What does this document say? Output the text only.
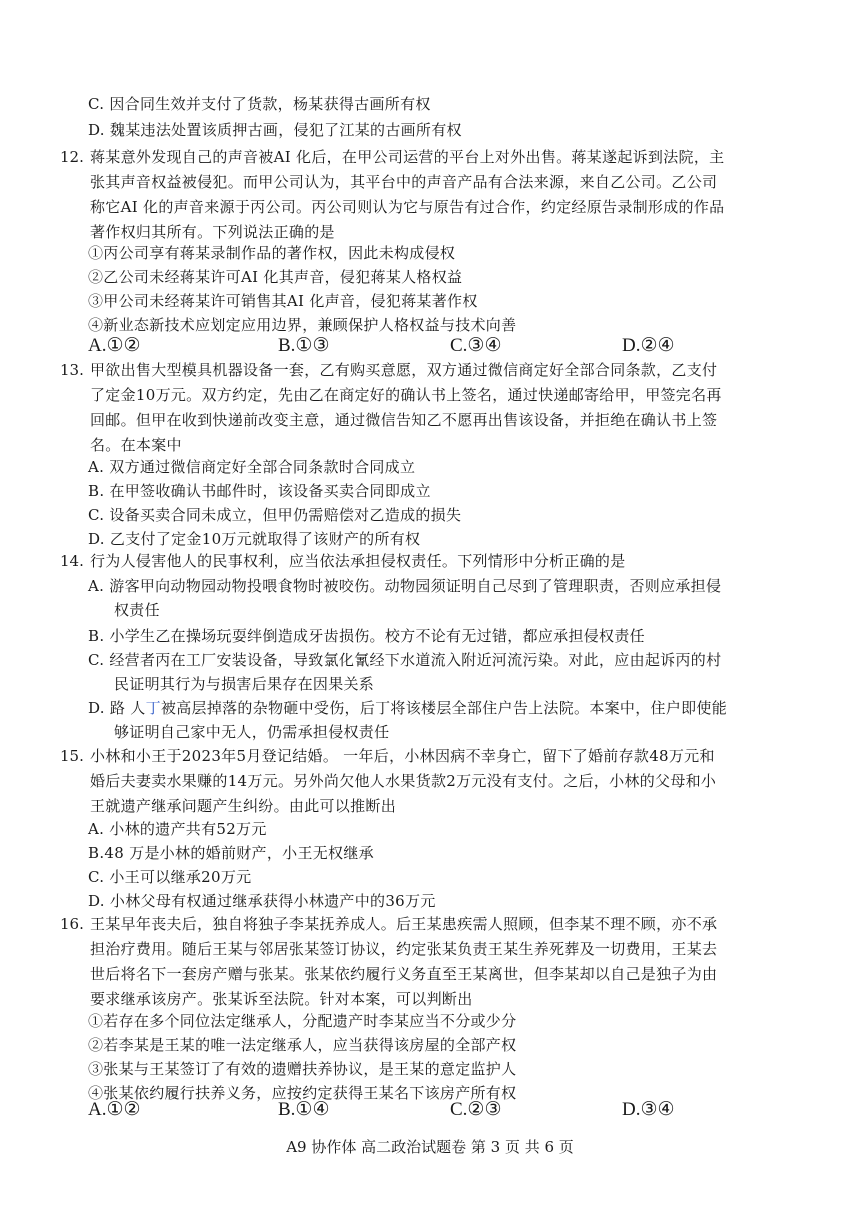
C. 因合同生效并支付了货款，杨某获得古画所有权
D. 魏某违法处置该质押古画，侵犯了江某的古画所有权
12. 蒋某意外发现自己的声音被AI 化后，在甲公司运营的平台上对外出售。蒋某遂起诉到法院，主
张其声音权益被侵犯。而甲公司认为，其平台中的声音产品有合法来源，来自乙公司。乙公司
称它AI 化的声音来源于丙公司。丙公司则认为它与原告有过合作，约定经原告录制形成的作品
著作权归其所有。下列说法正确的是
①丙公司享有蒋某录制作品的著作权，因此未构成侵权
②乙公司未经蒋某许可AI 化其声音，侵犯蒋某人格权益
③甲公司未经蒋某许可销售其AI 化声音，侵犯蒋某著作权
④新业态新技术应划定应用边界，兼顾保护人格权益与技术向善
A.①②	B.①③	C.③④	D.②④
13. 甲欲出售大型模具机器设备一套，乙有购买意愿，双方通过微信商定好全部合同条款，乙支付
了定金10万元。双方约定，先由乙在商定好的确认书上签名，通过快递邮寄给甲，甲签完名再
回邮。但甲在收到快递前改变主意，通过微信告知乙不愿再出售该设备，并拒绝在确认书上签
名。在本案中
A. 双方通过微信商定好全部合同条款时合同成立
B. 在甲签收确认书邮件时，该设备买卖合同即成立
C. 设备买卖合同未成立，但甲仍需赔偿对乙造成的损失
D. 乙支付了定金10万元就取得了该财产的所有权
14. 行为人侵害他人的民事权利，应当依法承担侵权责任。下列情形中分析正确的是
A. 游客甲向动物园动物投喂食物时被咬伤。动物园须证明自己尽到了管理职责，否则应承担侵
权责任
B. 小学生乙在操场玩耍绊倒造成牙齿损伤。校方不论有无过错，都应承担侵权责任
C. 经营者丙在工厂安装设备，导致氯化氰经下水道流入附近河流污染。对此，应由起诉丙的村
民证明其行为与损害后果存在因果关系
D. 路 人丁被高层掉落的杂物砸中受伤，后丁将该楼层全部住户告上法院。本案中，住户即使能
够证明自己家中无人，仍需承担侵权责任
15. 小林和小王于2023年5月登记结婚。 一年后，小林因病不幸身亡，留下了婚前存款48万元和
婚后夫妻卖水果赚的14万元。另外尚欠他人水果货款2万元没有支付。之后，小林的父母和小
王就遗产继承问题产生纠纷。由此可以推断出
A. 小林的遗产共有52万元
B.48 万是小林的婚前财产，小王无权继承
C. 小王可以继承20万元
D. 小林父母有权通过继承获得小林遗产中的36万元
16. 王某早年丧夫后，独自将独子李某抚养成人。后王某患疾需人照顾，但李某不理不顾，亦不承
担治疗费用。随后王某与邻居张某签订协议，约定张某负责王某生养死葬及一切费用，王某去
世后将名下一套房产赠与张某。张某依约履行义务直至王某离世，但李某却以自己是独子为由
要求继承该房产。张某诉至法院。针对本案，可以判断出
①若存在多个同位法定继承人，分配遗产时李某应当不分或少分
②若李某是王某的唯一法定继承人，应当获得该房屋的全部产权
③张某与王某签订了有效的遗赠扶养协议，是王某的意定监护人
④张某依约履行扶养义务，应按约定获得王某名下该房产所有权
A.①②	B.①④	C.②③	D.③④
A9 协作体 高二政治试题卷 第 3 页 共 6 页
